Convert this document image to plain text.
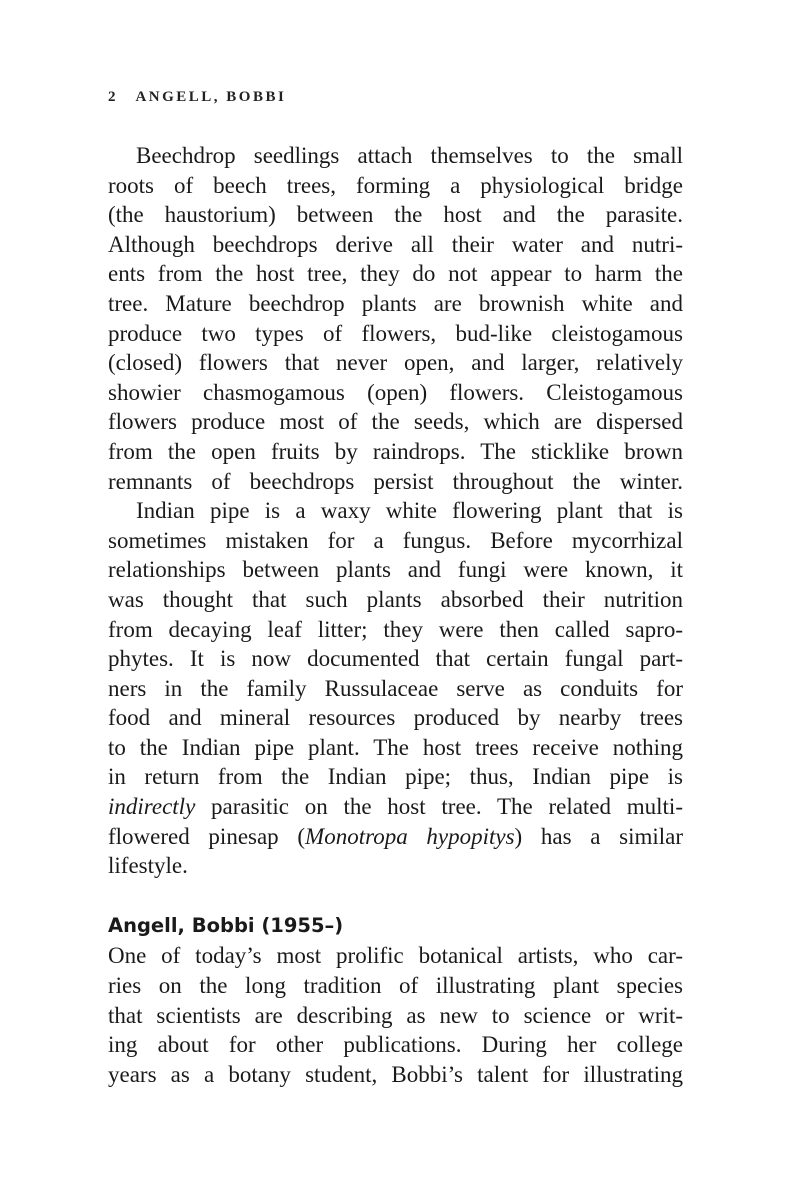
2 ANGELL, BOBBI

Beechdrop seedlings attach themselves to the small
roots of beech trees, forming a physiological bridge
(the haustorium) between the host and the parasite.
Although beechdrops derive all their water and nutri-
ents from the host tree, they do not appear to harm the
tree. Mature beechdrop plants are brownish white and
produce two types of flowers, bud-like cleistogamous
(closed) flowers that never open, and larger, relatively
showier chasmogamous (open) flowers. Cleistogamous
flowers produce most of the seeds, which are dispersed
from the open fruits by raindrops. The sticklike brown
remnants of beechdrops persist throughout the winter.

Indian pipe is a waxy white flowering plant that is
sometimes mistaken for a fungus. Before mycorrhizal
relationships between plants and fungi were known, it
was thought that such plants absorbed their nutrition
from decaying leaf litter; they were then called sapro-
phytes. It is now documented that certain fungal part-
ners in the family Russulaceae serve as conduits for
food and mineral resources produced by nearby trees
to the Indian pipe plant. The host trees receive nothing
in return from the Indian pipe; thus, Indian pipe is
indirectly parasitic on the host tree. The related multi-
flowered pinesap (Monotropa hypopitys) has a similar
lifestyle.

Angell, Bobbi (1955–)

One of today’s most prolific botanical artists, who car-
ries on the long tradition of illustrating plant species
that scientists are describing as new to science or writ-
ing about for other publications. During her college
years as a botany student, Bobbi’s talent for illustrating
